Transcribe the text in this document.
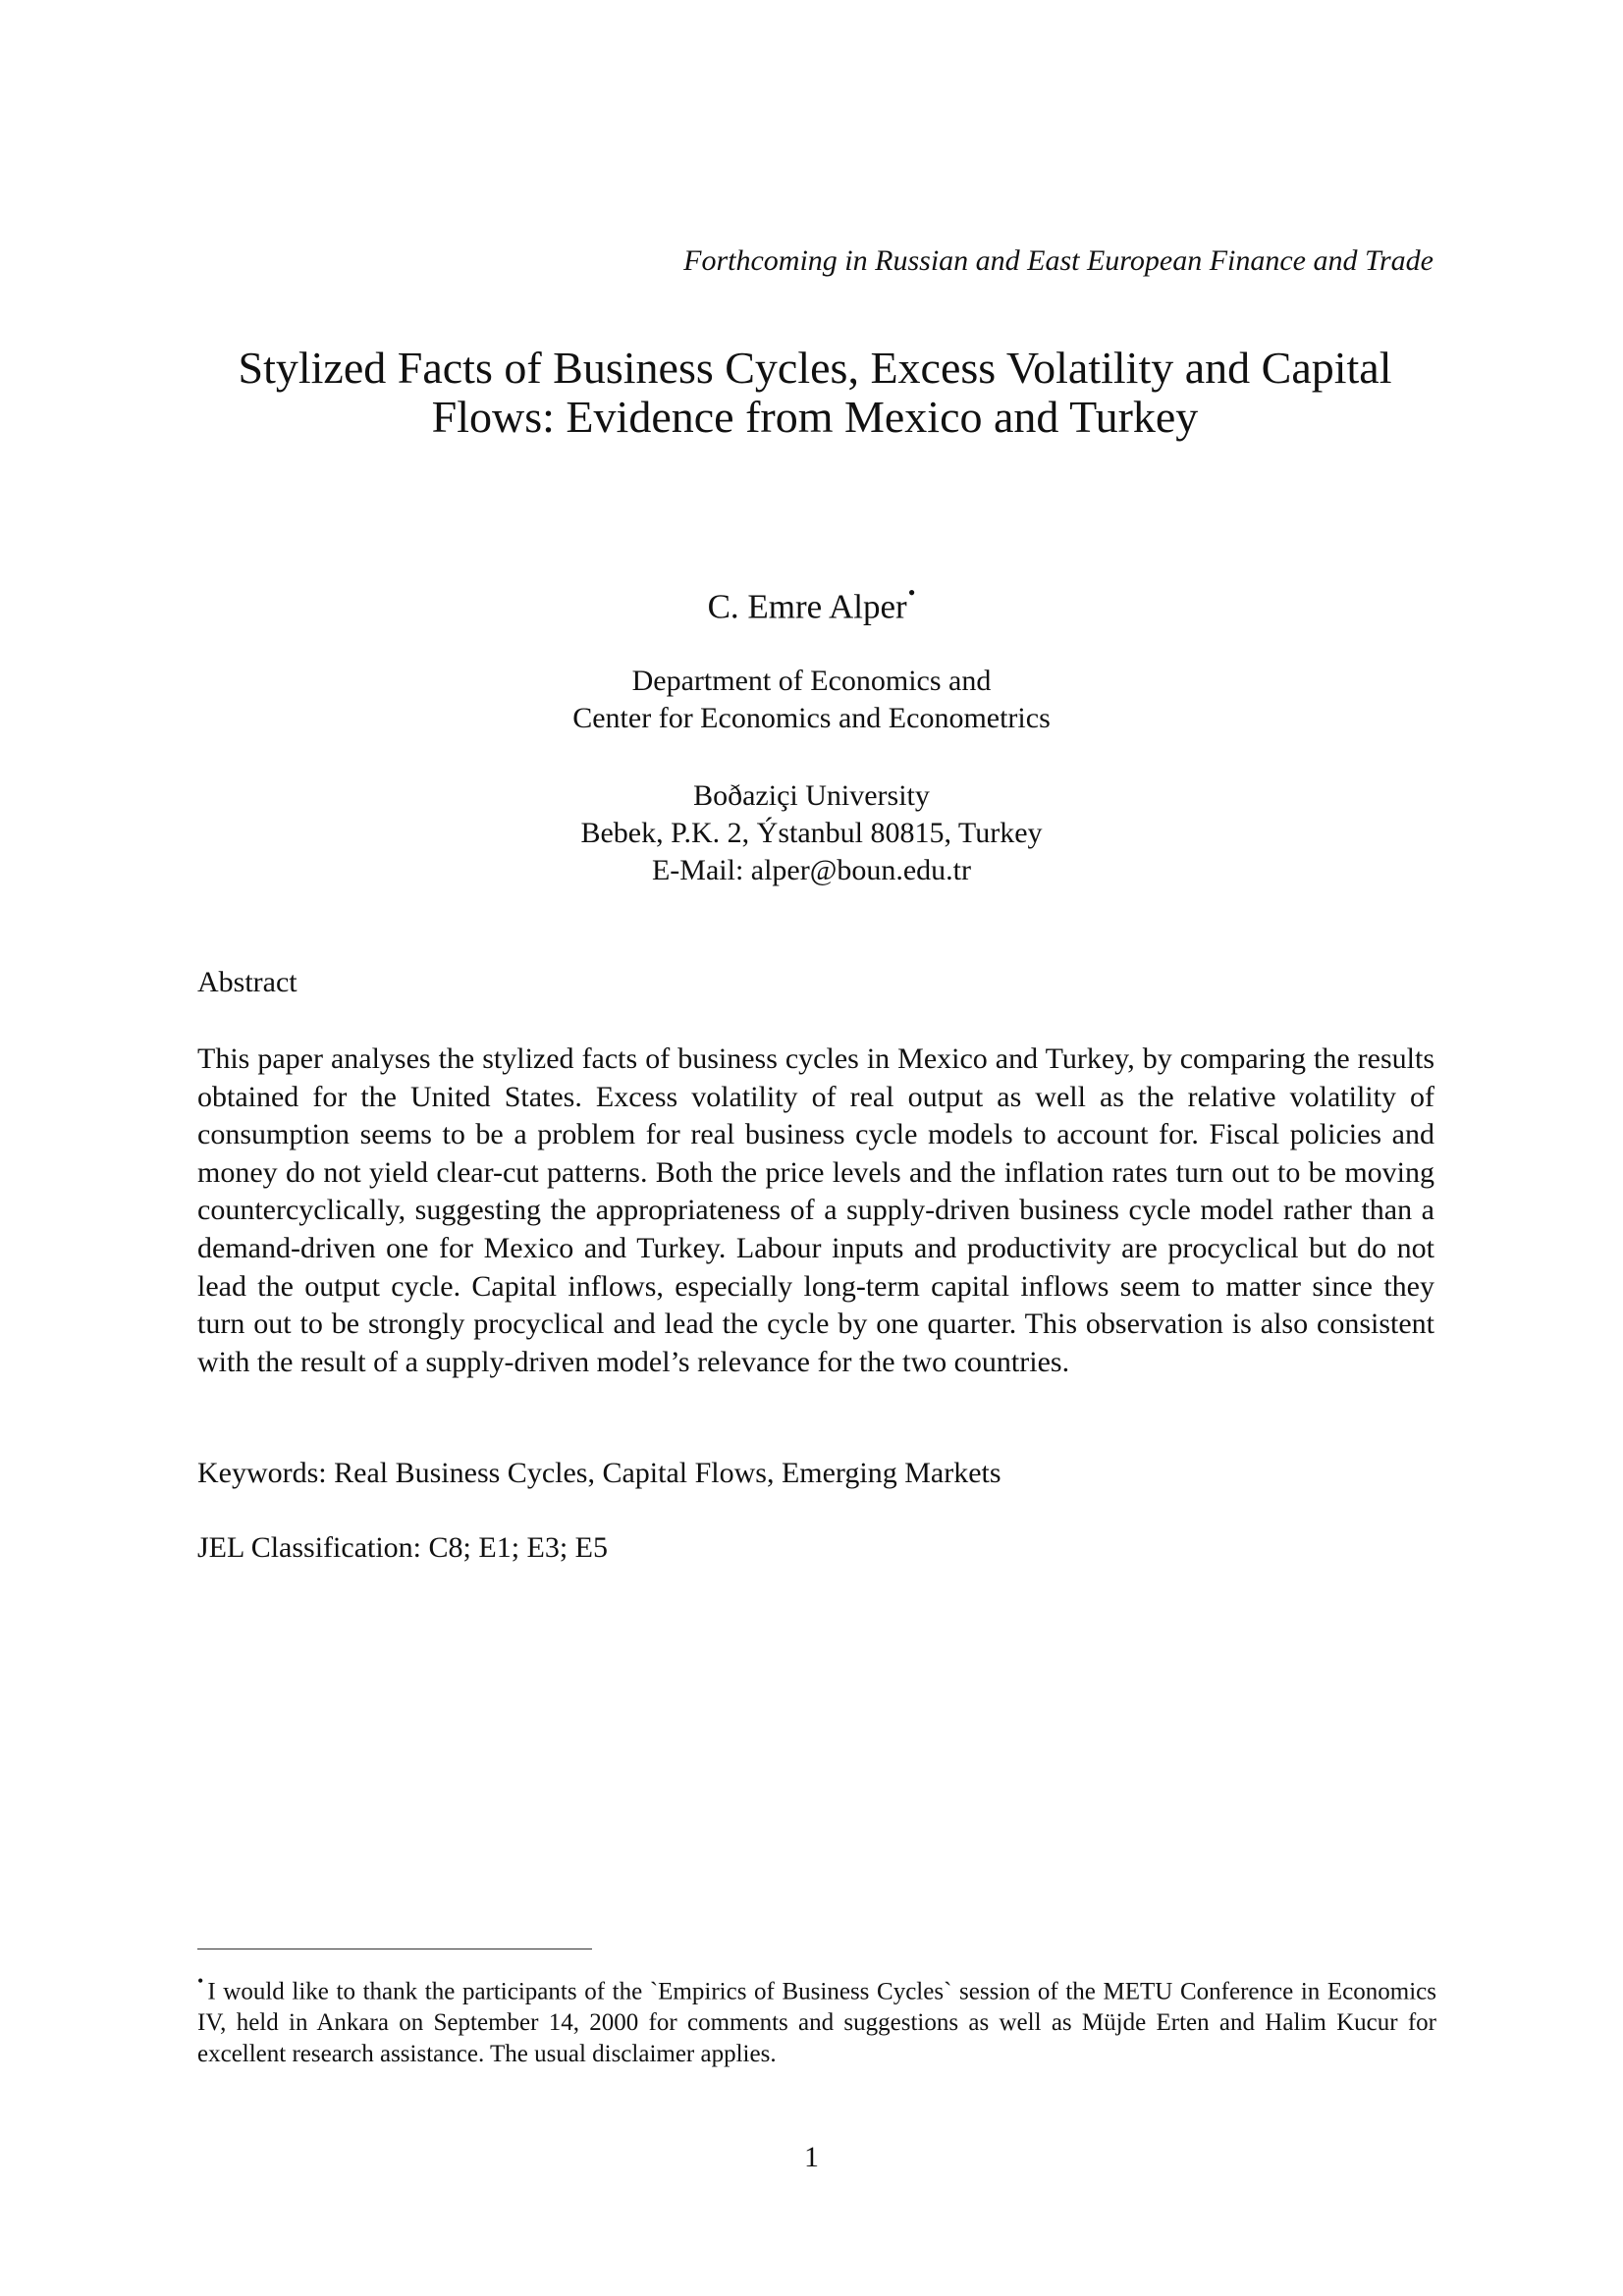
Forthcoming in Russian and East European Finance and Trade
Stylized Facts of Business Cycles, Excess Volatility and Capital
Flows: Evidence from Mexico and Turkey
C. Emre Alper•
Department of Economics and
Center for Economics and Econometrics
Boðaziçi University
Bebek, P.K. 2, Ýstanbul 80815, Turkey
E-Mail: alper@boun.edu.tr
Abstract

This paper analyses the stylized facts of business cycles in Mexico and Turkey, by comparing the results obtained for the United States. Excess volatility of real output as well as the relative volatility of consumption seems to be a problem for real business cycle models to account for. Fiscal policies and money do not yield clear-cut patterns. Both the price levels and the inflation rates turn out to be moving countercyclically, suggesting the appropriateness of a supply-driven business cycle model rather than a demand-driven one for Mexico and Turkey. Labour inputs and productivity are procyclical but do not lead the output cycle. Capital inflows, especially long-term capital inflows seem to matter since they turn out to be strongly procyclical and lead the cycle by one quarter. This observation is also consistent with the result of a supply-driven model’s relevance for the two countries.

Keywords: Real Business Cycles, Capital Flows, Emerging Markets
JEL Classification: C8; E1; E3; E5

• I would like to thank the participants of the `Empirics of Business Cycles` session of the METU Conference in Economics IV, held in Ankara on September 14, 2000 for comments and suggestions as well as Müjde Erten and Halim Kucur for excellent research assistance. The usual disclaimer applies.

1
